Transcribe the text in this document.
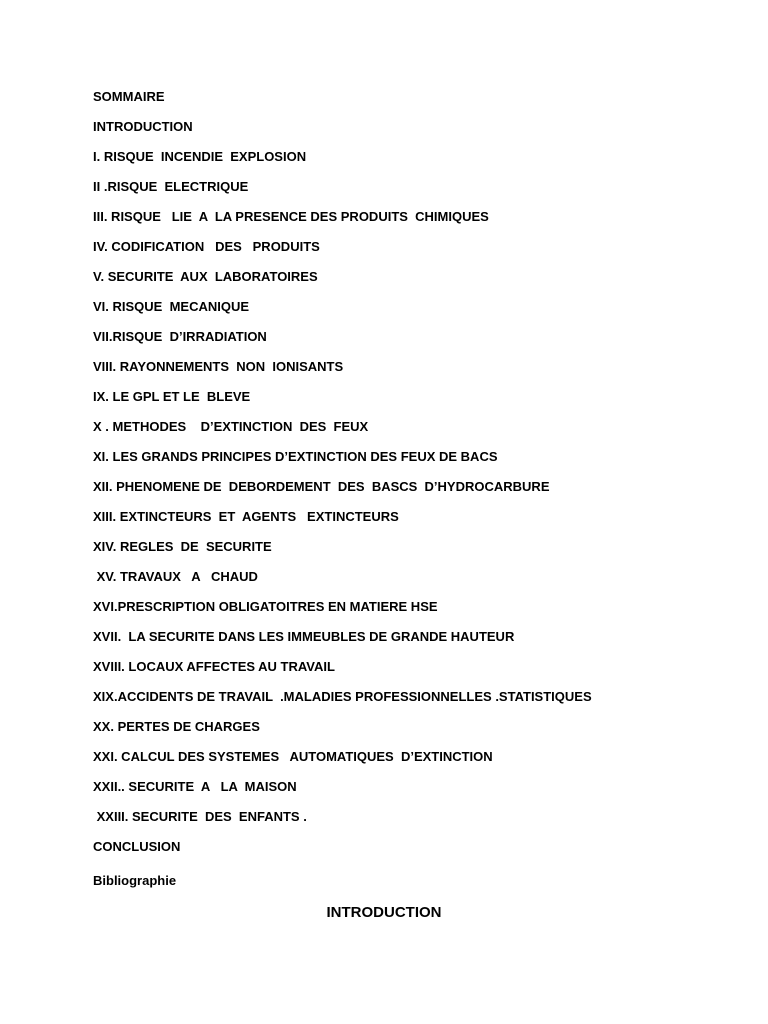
SOMMAIRE
INTRODUCTION
I. RISQUE  INCENDIE  EXPLOSION
II .RISQUE  ELECTRIQUE
III. RISQUE   LIE  A  LA PRESENCE DES PRODUITS  CHIMIQUES
IV. CODIFICATION   DES   PRODUITS
V. SECURITE  AUX  LABORATOIRES
VI. RISQUE  MECANIQUE
VII.RISQUE  D’IRRADIATION
VIII. RAYONNEMENTS  NON  IONISANTS
IX. LE GPL ET LE  BLEVE
X . METHODES    D’EXTINCTION  DES  FEUX
XI. LES GRANDS PRINCIPES D’EXTINCTION DES FEUX DE BACS
XII. PHENOMENE DE  DEBORDEMENT  DES  BASCS  D’HYDROCARBURE
XIII. EXTINCTEURS  ET  AGENTS   EXTINCTEURS
XIV. REGLES  DE  SECURITE
XV. TRAVAUX   A   CHAUD
XVI.PRESCRIPTION OBLIGATOITRES EN MATIERE HSE
XVII.  LA SECURITE DANS LES IMMEUBLES DE GRANDE HAUTEUR
XVIII. LOCAUX AFFECTES AU TRAVAIL
XIX.ACCIDENTS DE TRAVAIL  .MALADIES PROFESSIONNELLES .STATISTIQUES
XX. PERTES DE CHARGES
XXI. CALCUL DES SYSTEMES   AUTOMATIQUES  D’EXTINCTION
XXII.. SECURITE  A   LA  MAISON
XXIII. SECURITE  DES  ENFANTS .
CONCLUSION
Bibliographie
INTRODUCTION
